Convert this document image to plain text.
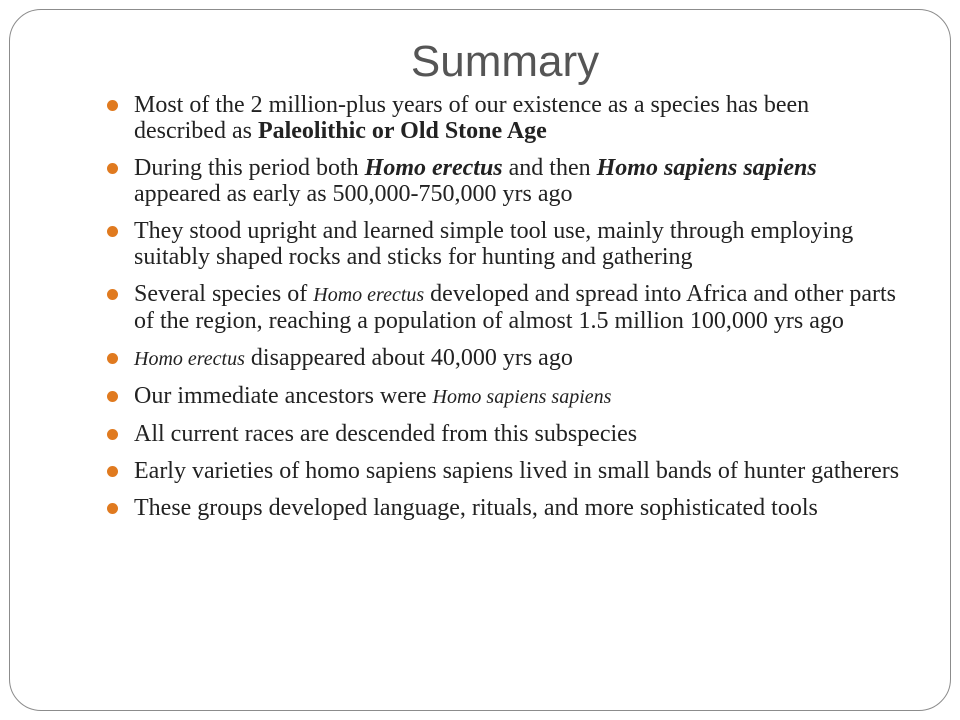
Summary
Most of the 2 million-plus years of our existence as a species has been described as Paleolithic or Old Stone Age
During this period both Homo erectus and then Homo sapiens sapiens appeared as early as 500,000-750,000 yrs ago
They stood upright and learned simple tool use, mainly through employing suitably shaped rocks and sticks for hunting and gathering
Several species of Homo erectus developed and spread into Africa and other parts of the region, reaching a population of almost 1.5 million 100,000 yrs ago
Homo erectus disappeared about 40,000 yrs ago
Our immediate ancestors were Homo sapiens sapiens
All current races are descended from this subspecies
Early varieties of homo sapiens sapiens lived in small bands of hunter gatherers
These groups developed language, rituals, and more sophisticated tools
